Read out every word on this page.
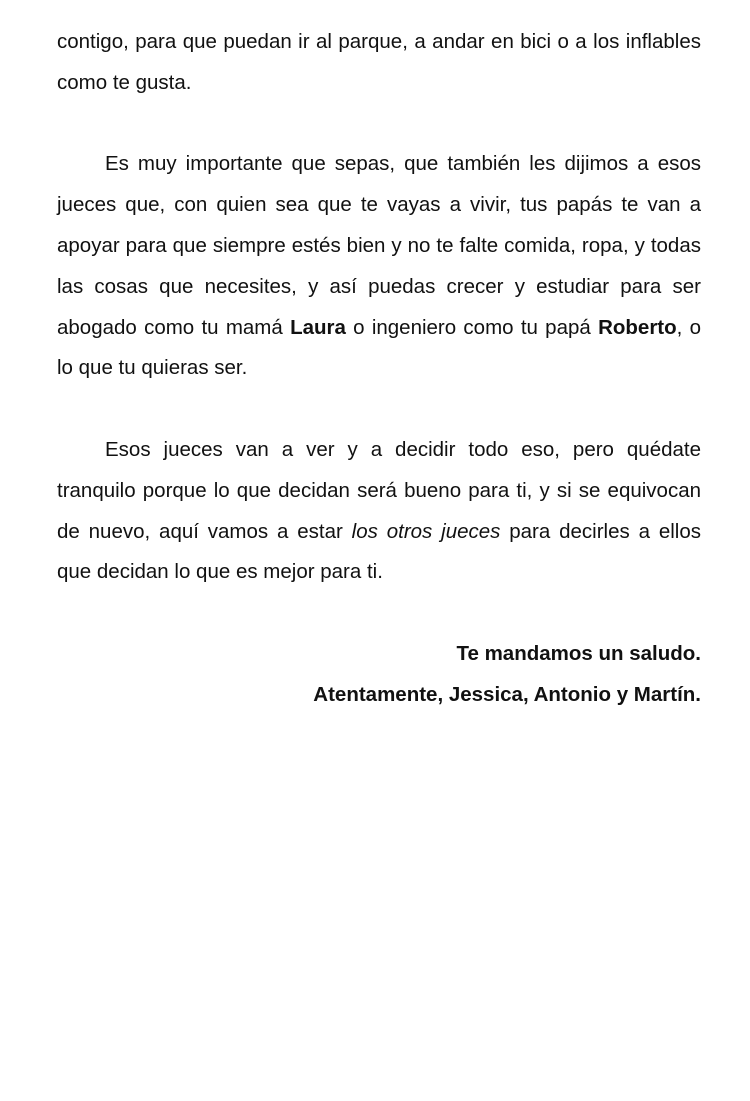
contigo, para que puedan ir al parque, a andar en bici o a los inflables como te gusta.

Es muy importante que sepas, que también les dijimos a esos jueces que, con quien sea que te vayas a vivir, tus papás te van a apoyar para que siempre estés bien y no te falte comida, ropa, y todas las cosas que necesites, y así puedas crecer y estudiar para ser abogado como tu mamá Laura o ingeniero como tu papá Roberto, o lo que tu quieras ser.

Esos jueces van a ver y a decidir todo eso, pero quédate tranquilo porque lo que decidan será bueno para ti, y si se equivocan de nuevo, aquí vamos a estar los otros jueces para decirles a ellos que decidan lo que es mejor para ti.

Te mandamos un saludo.

Atentamente, Jessica, Antonio y Martín.
